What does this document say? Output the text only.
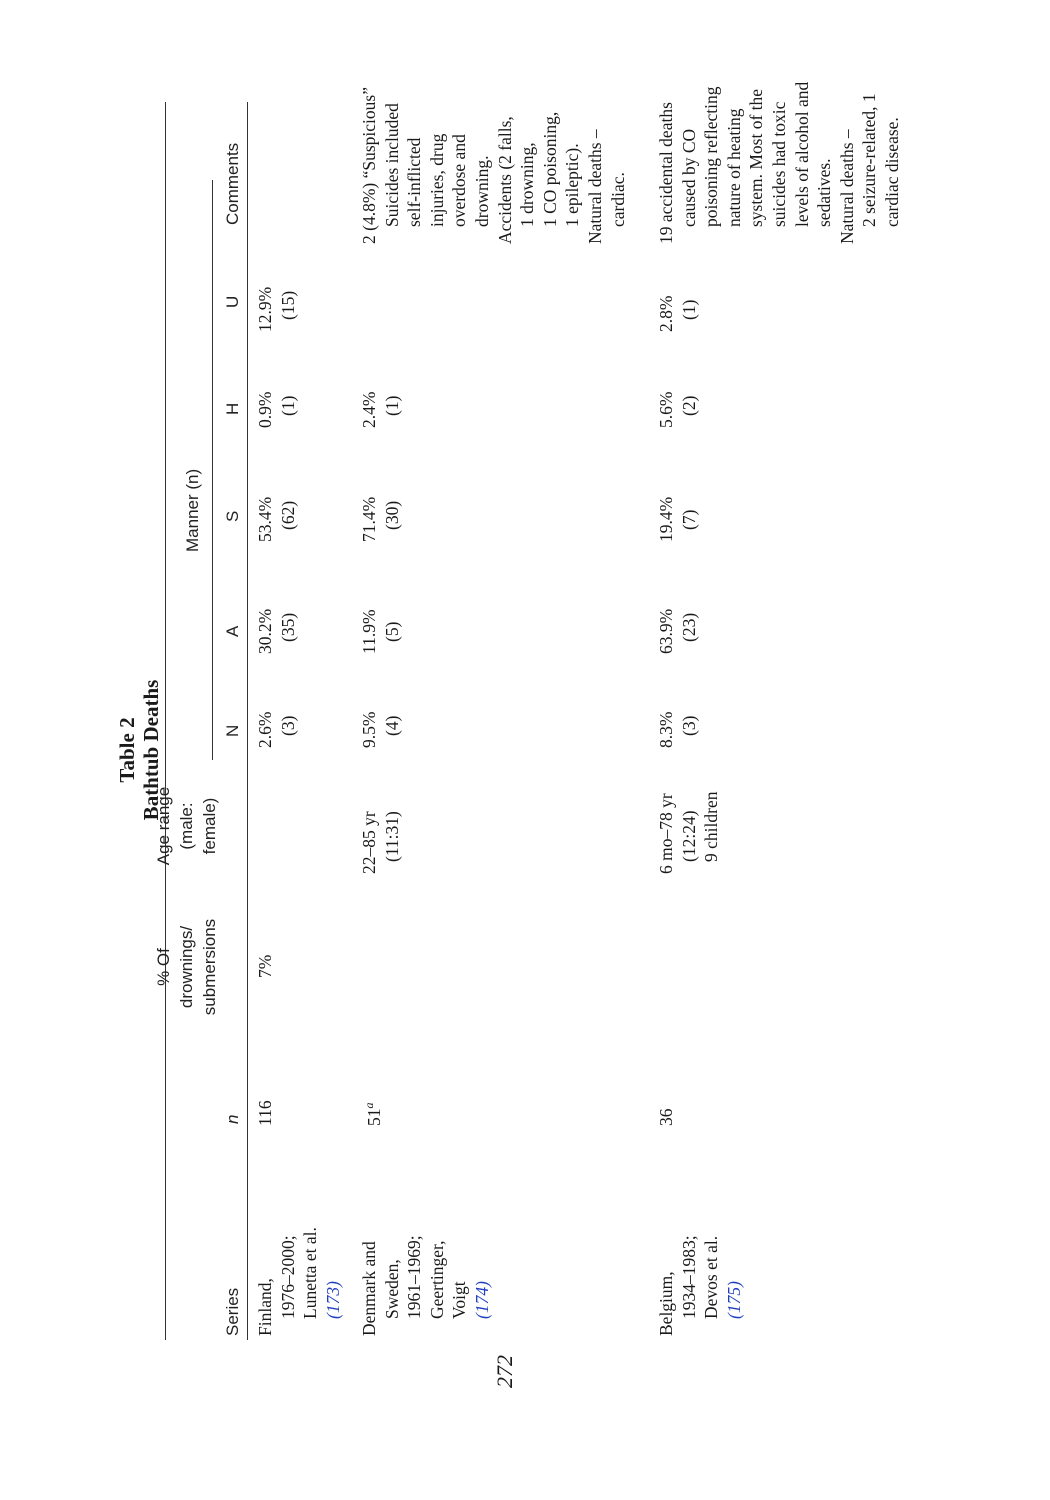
Table 2 Bathtub Deaths
272
Series
n
% Of drownings/ submersions
Age range (male: female)
Manner (n)
N
A
S
H
U
Comments
Finland, 1976–2000; Lunetta et al. (173)
116
7%
2.6% (3)
30.2% (35)
53.4% (62)
0.9% (1)
12.9% (15)
Denmark and Sweden, 1961–1969; Geertinger, Voigt (174)
51$^a$
22–85 yr (11:31)
9.5% (4)
11.9% (5)
71.4% (30)
2.4% (1)
2 (4.8%) “Suspicious” Suicides included self-inflicted injuries, drug overdose and drowning. Accidents (2 falls, 1 drowning, 1 CO poisoning, 1 epileptic). Natural deaths – cardiac.
Belgium, 1934–1983; Devos et al. (175)
36
6 mo–78 yr (12:24) 9 children
8.3% (3)
63.9% (23)
19.4% (7)
5.6% (2)
2.8% (1)
19 accidental deaths caused by CO poisoning reflecting nature of heating system. Most of the suicides had toxic levels of alcohol and sedatives. Natural deaths – 2 seizure-related, 1 cardiac disease.
